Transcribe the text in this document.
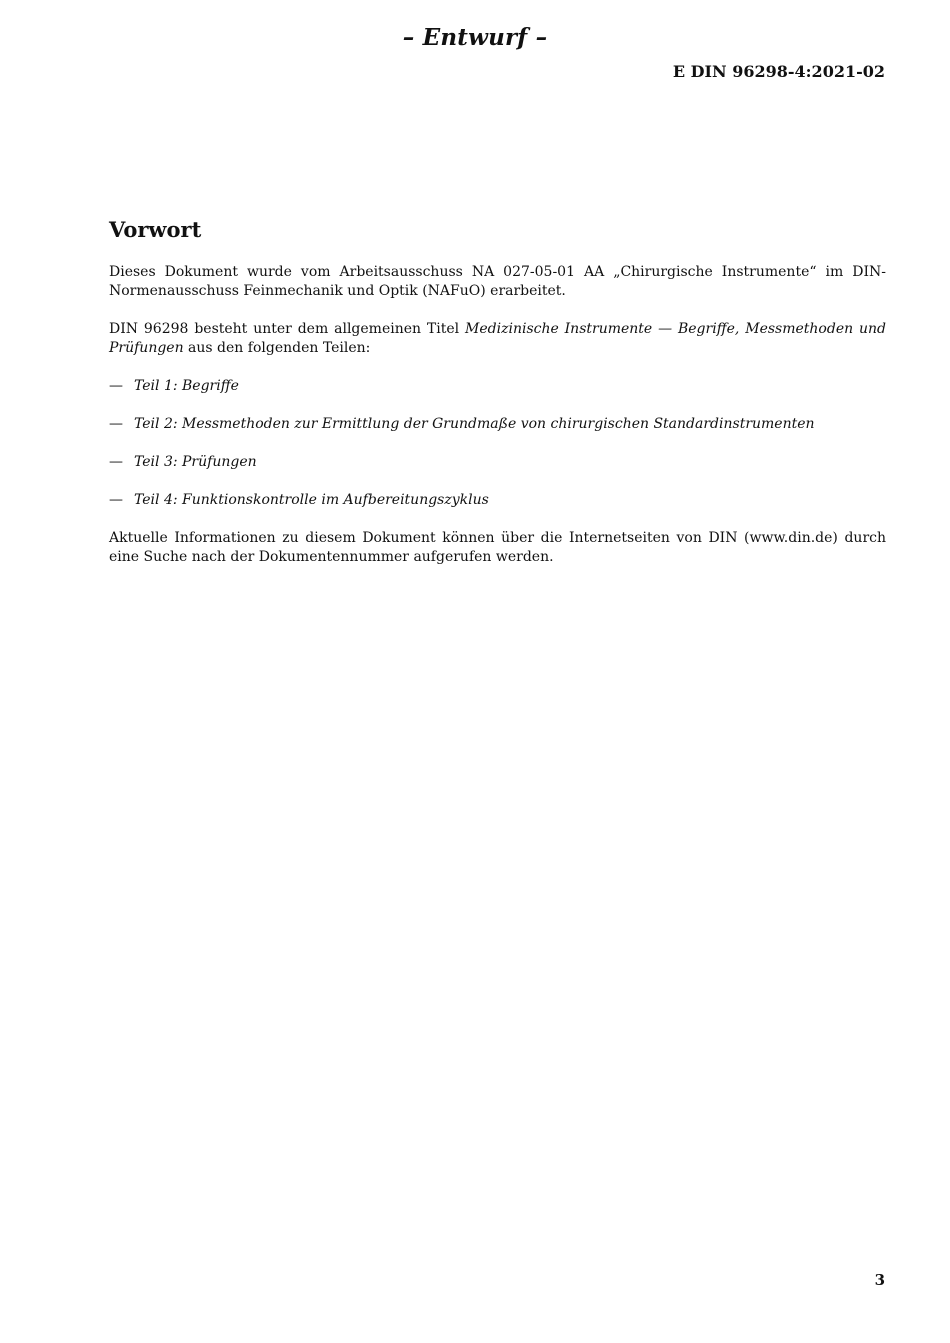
– Entwurf –
E DIN 96298-4:2021-02
Vorwort

Dieses Dokument wurde vom Arbeitsausschuss NA 027-05-01 AA „Chirurgische Instrumente“ im DIN-Normenausschuss Feinmechanik und Optik (NAFuO) erarbeitet.

DIN 96298 besteht unter dem allgemeinen Titel Medizinische Instrumente — Begriffe, Messmethoden und Prüfungen aus den folgenden Teilen:

— Teil 1: Begriffe
— Teil 2: Messmethoden zur Ermittlung der Grundmaße von chirurgischen Standardinstrumenten
— Teil 3: Prüfungen
— Teil 4: Funktionskontrolle im Aufbereitungszyklus

Aktuelle Informationen zu diesem Dokument können über die Internetseiten von DIN (www.din.de) durch eine Suche nach der Dokumentennummer aufgerufen werden.

3
